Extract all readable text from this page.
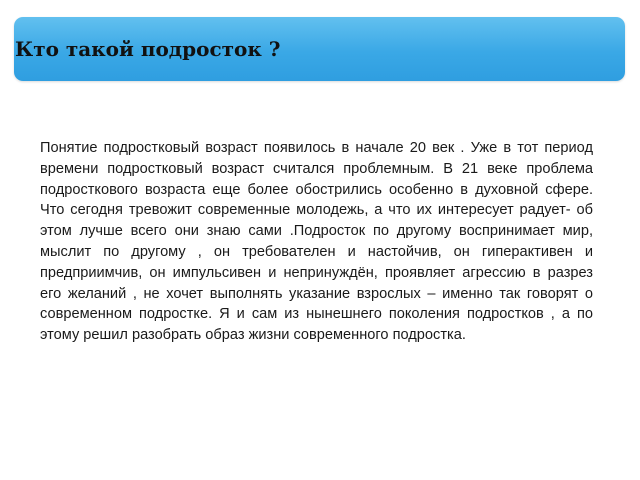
Кто такой подросток ?

Понятие подростковый возраст появилось в начале 20 век . Уже в тот период времени подростковый возраст считался проблемным. В 21 веке проблема подросткового возраста еще более обострились особенно в духовной сфере. Что сегодня тревожит современные молодежь, а что их интересует радует- об этом лучше всего они знаю сами .Подросток по другому воспринимает мир, мыслит по другому , он требователен и настойчив, он гиперактивен и предприимчив, он импульсивен и непринуждён, проявляет агрессию в разрез его желаний , не хочет выполнять указание взрослых – именно так говорят о современном подростке. Я и сам из нынешнего поколения подростков , а по этому решил разобрать образ жизни современного подростка.
